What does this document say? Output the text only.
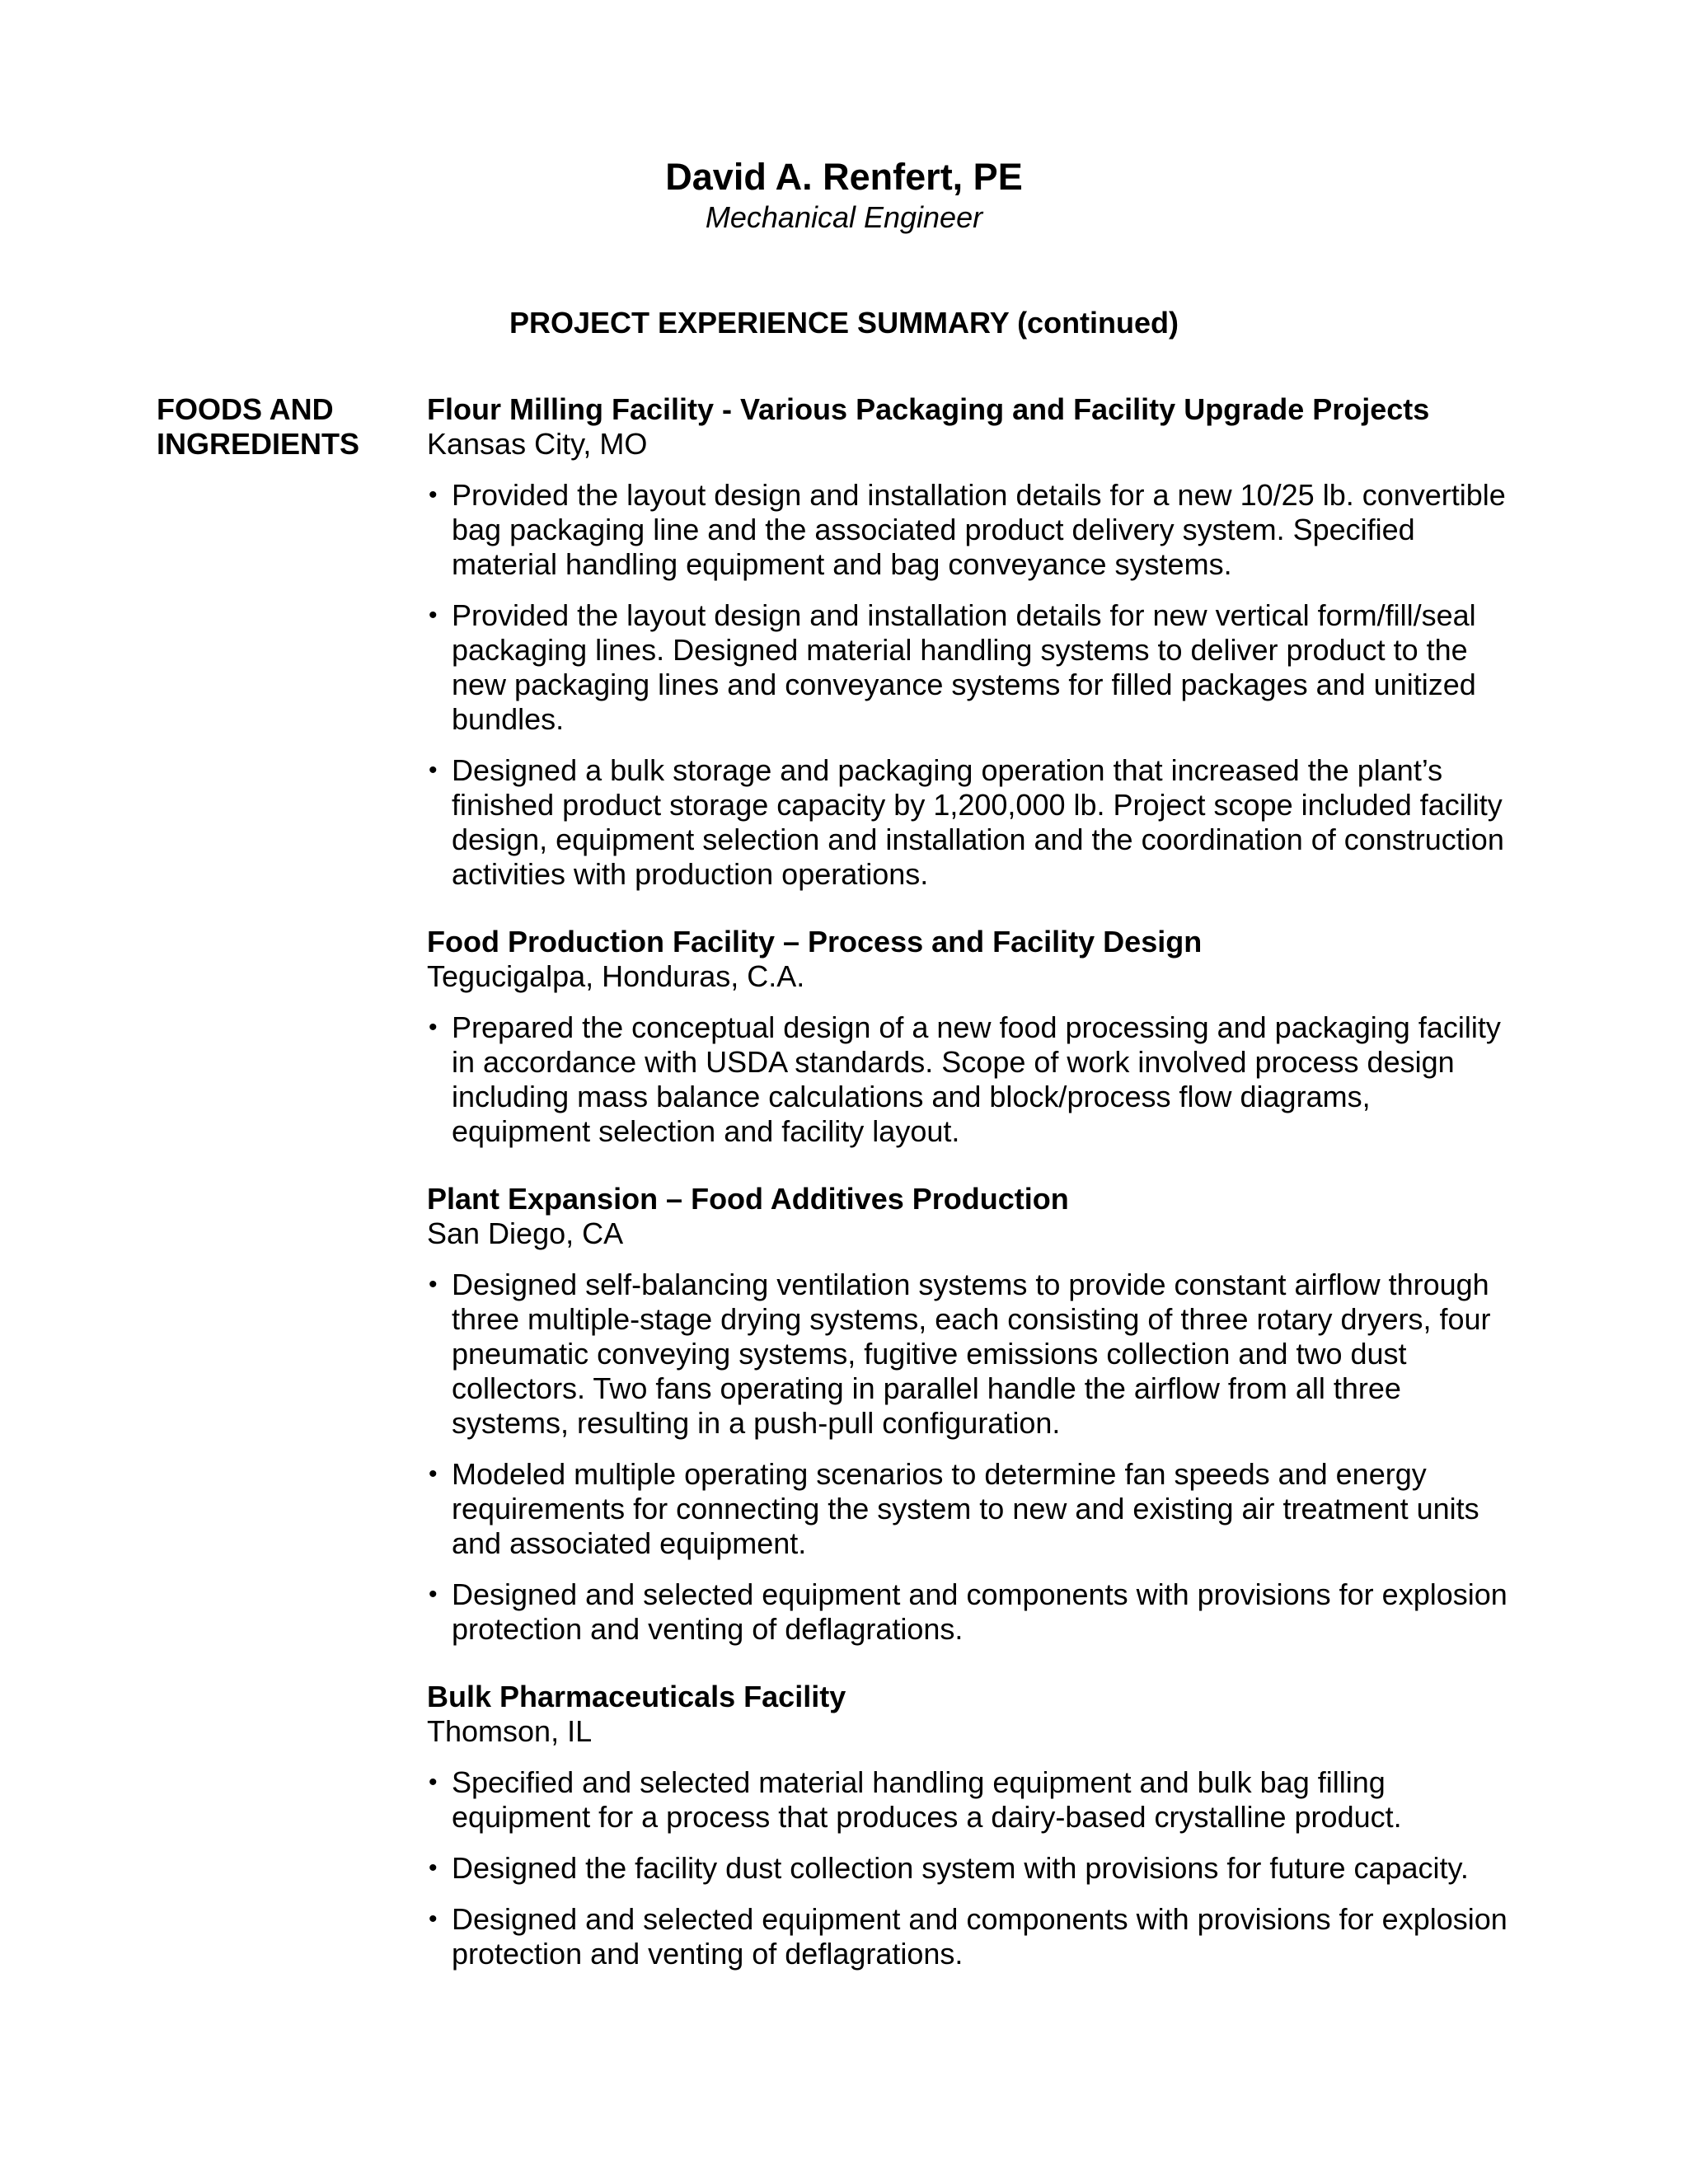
David A. Renfert, PE
Mechanical Engineer
PROJECT EXPERIENCE SUMMARY (continued)
FOODS AND
INGREDIENTS
Flour Milling Facility - Various Packaging and Facility Upgrade Projects
Kansas City, MO
• Provided the layout design and installation details for a new 10/25 lb. convertible bag packaging line and the associated product delivery system. Specified material handling equipment and bag conveyance systems.
• Provided the layout design and installation details for new vertical form/fill/seal packaging lines. Designed material handling systems to deliver product to the new packaging lines and conveyance systems for filled packages and unitized bundles.
• Designed a bulk storage and packaging operation that increased the plant’s finished product storage capacity by 1,200,000 lb. Project scope included facility design, equipment selection and installation and the coordination of construction activities with production operations.
Food Production Facility – Process and Facility Design
Tegucigalpa, Honduras, C.A.
• Prepared the conceptual design of a new food processing and packaging facility in accordance with USDA standards. Scope of work involved process design including mass balance calculations and block/process flow diagrams, equipment selection and facility layout.
Plant Expansion – Food Additives Production
San Diego, CA
• Designed self-balancing ventilation systems to provide constant airflow through three multiple-stage drying systems, each consisting of three rotary dryers, four pneumatic conveying systems, fugitive emissions collection and two dust collectors. Two fans operating in parallel handle the airflow from all three systems, resulting in a push-pull configuration.
• Modeled multiple operating scenarios to determine fan speeds and energy requirements for connecting the system to new and existing air treatment units and associated equipment.
• Designed and selected equipment and components with provisions for explosion protection and venting of deflagrations.
Bulk Pharmaceuticals Facility
Thomson, IL
• Specified and selected material handling equipment and bulk bag filling equipment for a process that produces a dairy-based crystalline product.
• Designed the facility dust collection system with provisions for future capacity.
• Designed and selected equipment and components with provisions for explosion protection and venting of deflagrations.
